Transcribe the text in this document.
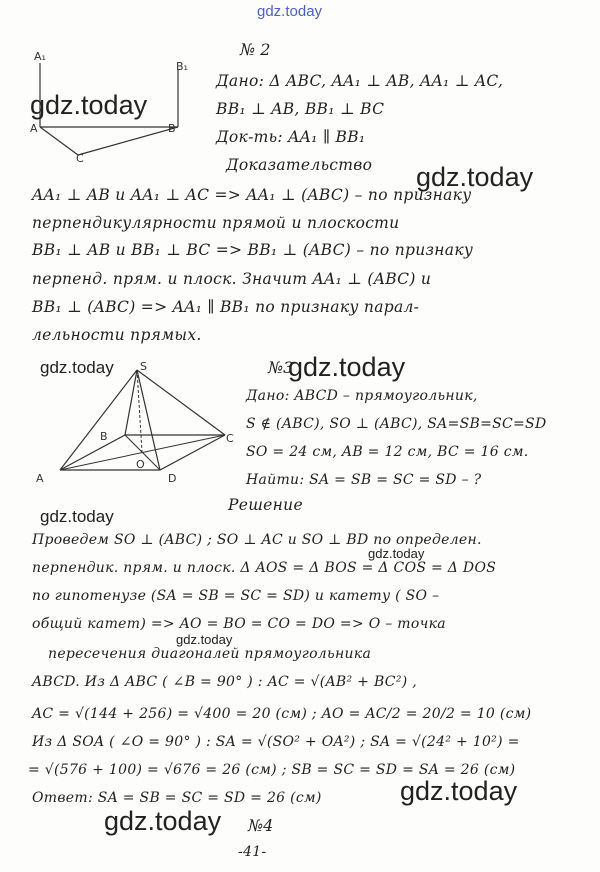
gdz.today
A₁
B₁
A	B
C
gdz.today
№ 2
Дано: Δ ABC, AA₁ ⊥ AB, AA₁ ⊥ AC,
BB₁ ⊥ AB, BB₁ ⊥ BC
Док-ть: AA₁ ∥ BB₁
Доказательство gdz.today
AA₁ ⊥ AB и AA₁ ⊥ AC => AA₁ ⊥ (ABC) – по признаку
перпендикулярности прямой и плоскости
BB₁ ⊥ AB и BB₁ ⊥ BC => BB₁ ⊥ (ABC) – по признаку
перпенд. прям. и плоск. Значит AA₁ ⊥ (ABC) и
BB₁ ⊥ (ABC) => AA₁ ∥ BB₁ по признаку парал-
лельности прямых.
S
A
B	C
D
O
gdz.today	№3
gdz.today
Дано: ABCD – прямоугольник,
S ∉ (ABC), SO ⊥ (ABC), SA=SB=SC=SD
SO = 24 см, AB = 12 см, BC = 16 см.
Найти: SA = SB = SC = SD – ?
Решение
gdz.today
Проведем SO ⊥ (ABC) ; SO ⊥ AC и SO ⊥ BD по определен.
gdz.today
перпендик. прям. и плоск. Δ AOS = Δ BOS = Δ COS = Δ DOS
по гипотенузе (SA = SB = SC = SD) и катету ( SO –
общий катет) => AO = BO = CO = DO => O – точка
gdz.today
пересечения диагоналей прямоугольника
ABCD. Из Δ ABC ( ∠B = 90° ) : AC = √(AB² + BC²) ,
AC = √(144 + 256) = √400 = 20 (см) ; AO = AC/2 = 20/2 = 10 (см)
Из Δ SOA ( ∠O = 90° ) : SA = √(SO² + OA²) ; SA = √(24² + 10²) =
= √(576 + 100) = √676 = 26 (см) ; SB = SC = SD = SA = 26 (см)
Ответ: SA = SB = SC = SD = 26 (см)	gdz.today
gdz.today №4
-41-
